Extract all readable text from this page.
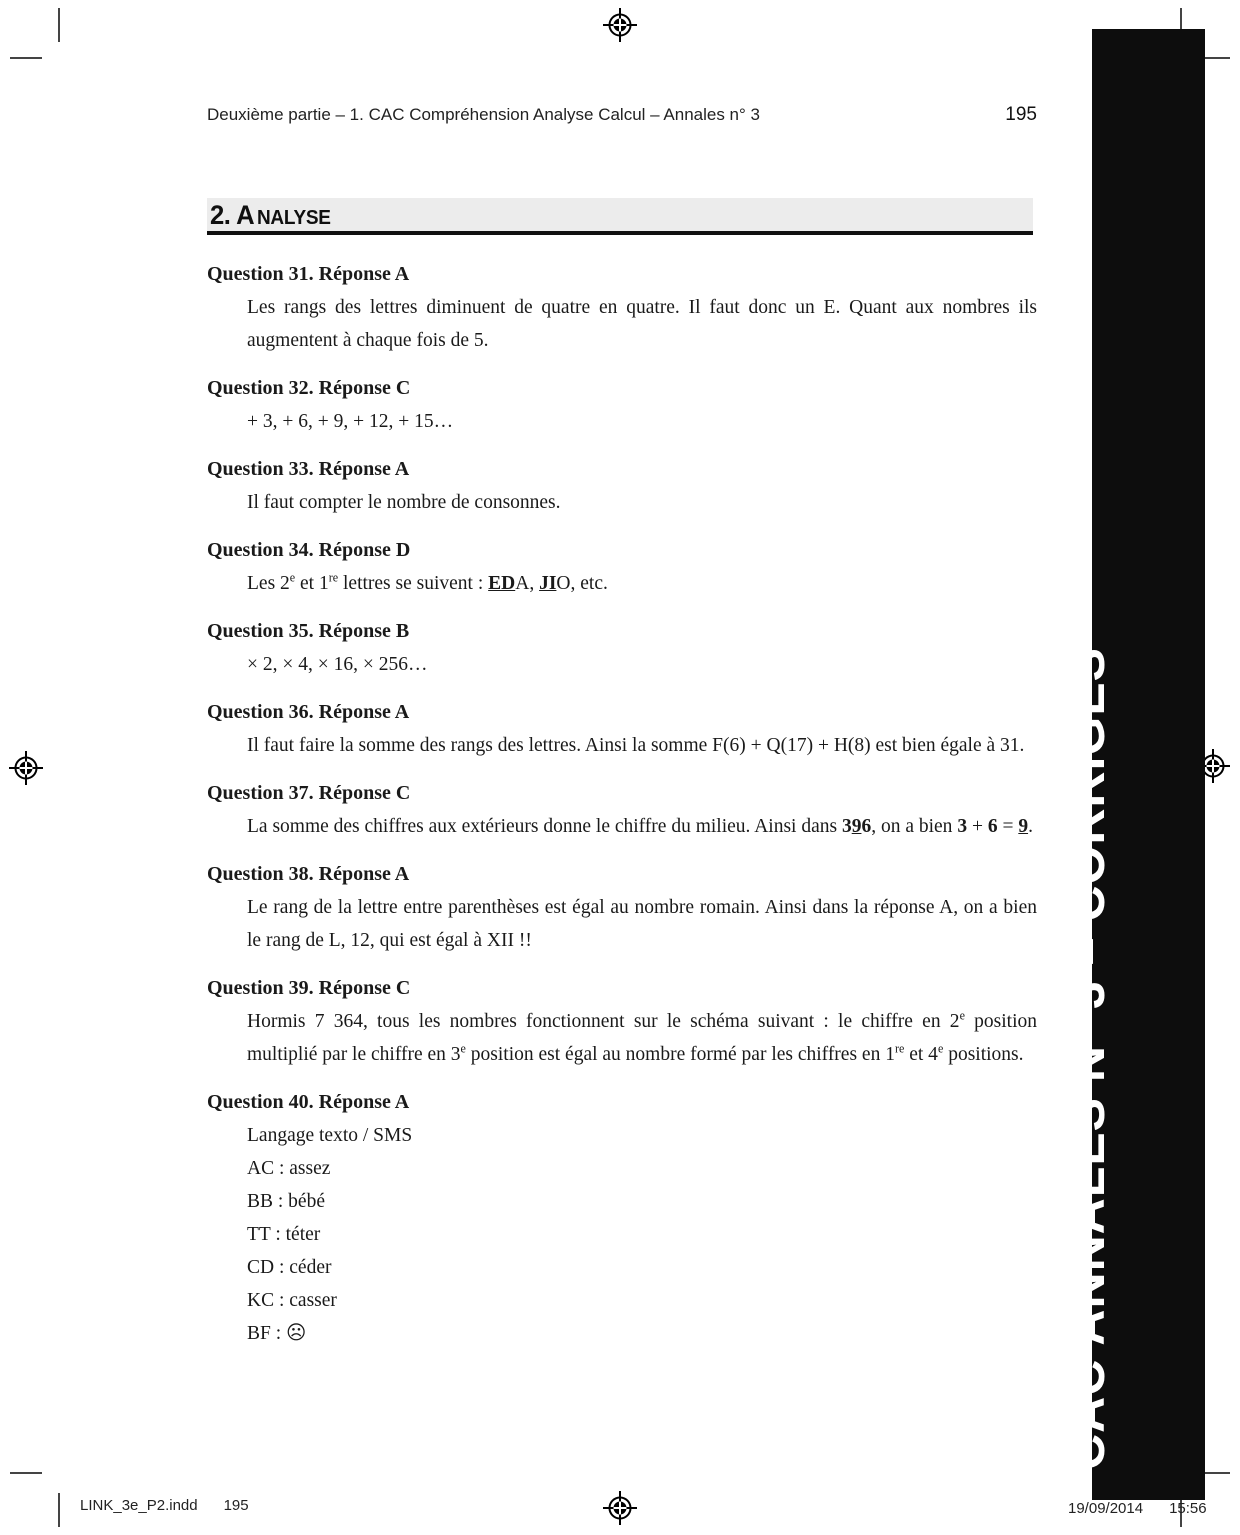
Deuxième partie – 1. CAC Compréhension Analyse Calcul – Annales n° 3	195
2. A NALYSE
Question 31. Réponse A

Les rangs des lettres diminuent de quatre en quatre. Il faut donc un E. Quant aux nombres ils augmentent à chaque fois de 5.

Question 32. Réponse C

+ 3, + 6, + 9, + 12, + 15…

Question 33. Réponse A

Il faut compter le nombre de consonnes.

Question 34. Réponse D

Les 2e et 1re lettres se suivent : EDA, JIO, etc.

Question 35. Réponse B

× 2, × 4, × 16, × 256…

Question 36. Réponse A

Il faut faire la somme des rangs des lettres. Ainsi la somme F(6) + Q(17) + H(8) est bien égale à 31.

Question 37. Réponse C

La somme des chiffres aux extérieurs donne le chiffre du milieu. Ainsi dans 396, on a bien 3 + 6 = 9.

Question 38. Réponse A

Le rang de la lettre entre parenthèses est égal au nombre romain. Ainsi dans la réponse A, on a bien le rang de L, 12, qui est égal à XII !!

Question 39. Réponse C

Hormis 7 364, tous les nombres fonctionnent sur le schéma suivant : le chiffre en 2e position multiplié par le chiffre en 3e position est égal au nombre formé par les chiffres en 1re et 4e positions.

Question 40. Réponse A

Langage texto / SMS

AC : assez

BB : bébé

TT : téter

CD : céder

KC : casser

BF : ☹	CAC ANNALES N° 3 – CORRIGES
LINK_3e_P2.indd 195	19/09/2014 15:56
